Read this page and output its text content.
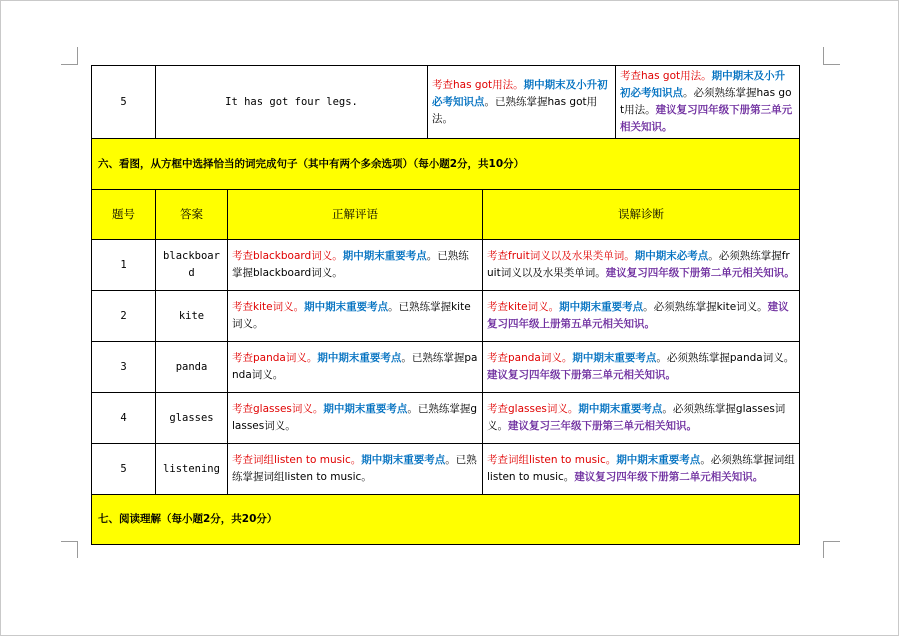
5	It has got four legs.		考查has got用法。期中期末及小升初必考知识点。已熟练掌握has got用法。		考查has got用法。期中期末及小升初必考知识点。必须熟练掌握has got用法。建议复习四年级下册第三单元相关知识。
六、看图，从方框中选择恰当的词完成句子（其中有两个多余选项）（每小题2分，共10分）					
题号	答案	正解评语		误解诊断	
1	blackboard	考查blackboard词义。期中期末重要考点。已熟练掌握blackboard词义。		考查fruit词义以及水果类单词。期中期末必考点。必须熟练掌握fruit词义以及水果类单词。建议复习四年级下册第二单元相关知识。	
2	kite	考查kite词义。期中期末重要考点。已熟练掌握kite词义。		考查kite词义。期中期末重要考点。必须熟练掌握kite词义。建议复习四年级上册第五单元相关知识。	
3	panda	考查panda词义。期中期末重要考点。已熟练掌握panda词义。		考查panda词义。期中期末重要考点。必须熟练掌握panda词义。建议复习四年级下册第三单元相关知识。	
4	glasses	考查glasses词义。期中期末重要考点。已熟练掌握glasses词义。		考查glasses词义。期中期末重要考点。必须熟练掌握glasses词义。建议复习三年级下册第三单元相关知识。	
5	listening	考查词组listen to music。期中期末重要考点。已熟练掌握词组listen to music。		考查词组listen to music。期中期末重要考点。必须熟练掌握词组listen to music。建议复习四年级下册第二单元相关知识。	
七、阅读理解（每小题2分，共20分）					
